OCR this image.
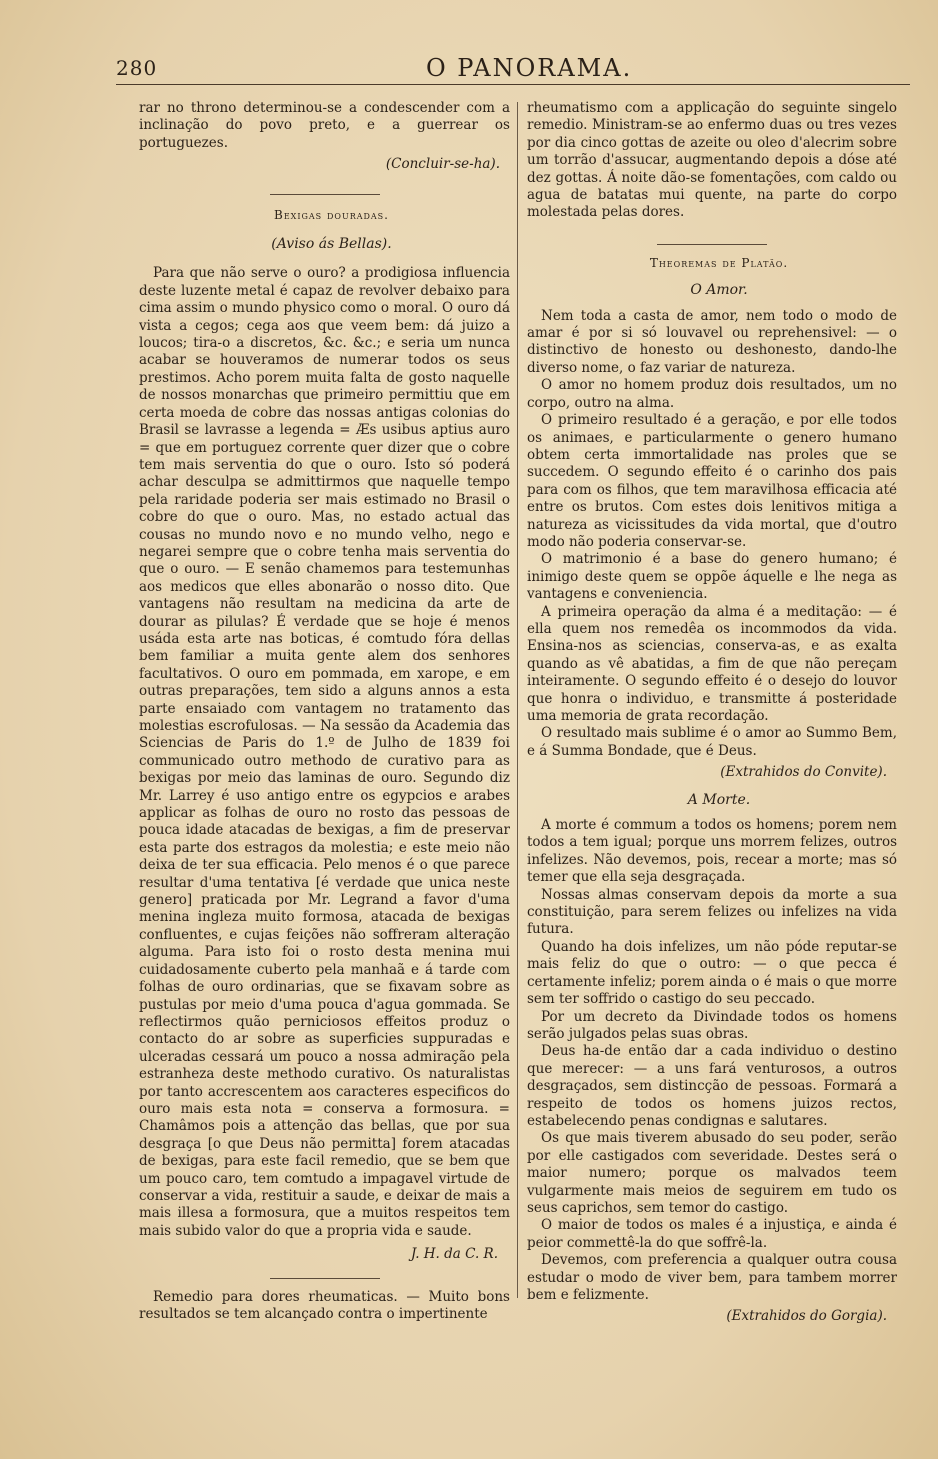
280	O PANORAMA.

rar no throno determinou-se a condescender com a inclinação do povo preto, e a guerrear os portuguezes.

(Concluir-se-ha).

Bexigas douradas.

(Aviso ás Bellas).

Para que não serve o ouro? a prodigiosa influencia deste luzente metal é capaz de revolver debaixo para cima assim o mundo physico como o moral. O ouro dá vista a cegos; cega aos que veem bem: dá juizo a loucos; tira-o a discretos, &c. &c.; e seria um nunca acabar se houveramos de numerar todos os seus prestimos. Acho porem muita falta de gosto naquelle de nossos monarchas que primeiro permittiu que em certa moeda de cobre das nossas antigas colonias do Brasil se lavrasse a legenda = Æs usibus aptius auro = que em portuguez corrente quer dizer que o cobre tem mais serventia do que o ouro. Isto só poderá achar desculpa se admittirmos que naquelle tempo pela raridade poderia ser mais estimado no Brasil o cobre do que o ouro. Mas, no estado actual das cousas no mundo novo e no mundo velho, nego e negarei sempre que o cobre tenha mais serventia do que o ouro. — E senão chamemos para testemunhas aos medicos que elles abonarão o nosso dito. Que vantagens não resultam na medicina da arte de dourar as pilulas? É verdade que se hoje é menos usáda esta arte nas boticas, é comtudo fóra dellas bem familiar a muita gente alem dos senhores facultativos. O ouro em pommada, em xarope, e em outras preparações, tem sido a alguns annos a esta parte ensaiado com vantagem no tratamento das molestias escrofulosas. — Na sessão da Academia das Sciencias de Paris do 1.º de Julho de 1839 foi communicado outro methodo de curativo para as bexigas por meio das laminas de ouro. Segundo diz Mr. Larrey é uso antigo entre os egypcios e arabes applicar as folhas de ouro no rosto das pessoas de pouca idade atacadas de bexigas, a fim de preservar esta parte dos estragos da molestia; e este meio não deixa de ter sua efficacia. Pelo menos é o que parece resultar d'uma tentativa [é verdade que unica neste genero] praticada por Mr. Legrand a favor d'uma menina ingleza muito formosa, atacada de bexigas confluentes, e cujas feições não soffreram alteração alguma. Para isto foi o rosto desta menina mui cuidadosamente cuberto pela manhaã e á tarde com folhas de ouro ordinarias, que se fixavam sobre as pustulas por meio d'uma pouca d'agua gommada. Se reflectirmos quão perniciosos effeitos produz o contacto do ar sobre as superficies suppuradas e ulceradas cessará um pouco a nossa admiração pela estranheza deste methodo curativo. Os naturalistas por tanto accrescentem aos caracteres especificos do ouro mais esta nota = conserva a formosura. = Chamâmos pois a attenção das bellas, que por sua desgraça [o que Deus não permitta] forem atacadas de bexigas, para este facil remedio, que se bem que um pouco caro, tem comtudo a impagavel virtude de conservar a vida, restituir a saude, e deixar de mais a mais illesa a formosura, que a muitos respeitos tem mais subido valor do que a propria vida e saude.

J. H. da C. R.

Remedio para dores rheumaticas. — Muito bons resultados se tem alcançado contra o impertinente

rheumatismo com a applicação do seguinte singelo remedio. Ministram-se ao enfermo duas ou tres vezes por dia cinco gottas de azeite ou oleo d'alecrim sobre um torrão d'assucar, augmentando depois a dóse até dez gottas. Á noite dão-se fomentações, com caldo ou agua de batatas mui quente, na parte do corpo molestada pelas dores.

Theoremas de Platão.

O Amor.

Nem toda a casta de amor, nem todo o modo de amar é por si só louvavel ou reprehensivel: — o distinctivo de honesto ou deshonesto, dando-lhe diverso nome, o faz variar de natureza.

O amor no homem produz dois resultados, um no corpo, outro na alma.

O primeiro resultado é a geração, e por elle todos os animaes, e particularmente o genero humano obtem certa immortalidade nas proles que se succedem. O segundo effeito é o carinho dos pais para com os filhos, que tem maravilhosa efficacia até entre os brutos. Com estes dois lenitivos mitiga a natureza as vicissitudes da vida mortal, que d'outro modo não poderia conservar-se.

O matrimonio é a base do genero humano; é inimigo deste quem se oppõe áquelle e lhe nega as vantagens e conveniencia.

A primeira operação da alma é a meditação: — é ella quem nos remedêa os incommodos da vida. Ensina-nos as sciencias, conserva-as, e as exalta quando as vê abatidas, a fim de que não pereçam inteiramente. O segundo effeito é o desejo do louvor que honra o individuo, e transmitte á posteridade uma memoria de grata recordação.

O resultado mais sublime é o amor ao Summo Bem, e á Summa Bondade, que é Deus.

(Extrahidos do Convite).

A Morte.

A morte é commum a todos os homens; porem nem todos a tem igual; porque uns morrem felizes, outros infelizes. Não devemos, pois, recear a morte; mas só temer que ella seja desgraçada.

Nossas almas conservam depois da morte a sua constituição, para serem felizes ou infelizes na vida futura.

Quando ha dois infelizes, um não póde reputar-se mais feliz do que o outro: — o que pecca é certamente infeliz; porem ainda o é mais o que morre sem ter soffrido o castigo do seu peccado.

Por um decreto da Divindade todos os homens serão julgados pelas suas obras.

Deus ha-de então dar a cada individuo o destino que merecer: — a uns fará venturosos, a outros desgraçados, sem distincção de pessoas. Formará a respeito de todos os homens juizos rectos, estabelecendo penas condignas e salutares.

Os que mais tiverem abusado do seu poder, serão por elle castigados com severidade. Destes será o maior numero; porque os malvados teem vulgarmente mais meios de seguirem em tudo os seus caprichos, sem temor do castigo.

O maior de todos os males é a injustiça, e ainda é peior commettê-la do que soffrê-la.

Devemos, com preferencia a qualquer outra cousa estudar o modo de viver bem, para tambem morrer bem e felizmente.

(Extrahidos do Gorgia).
